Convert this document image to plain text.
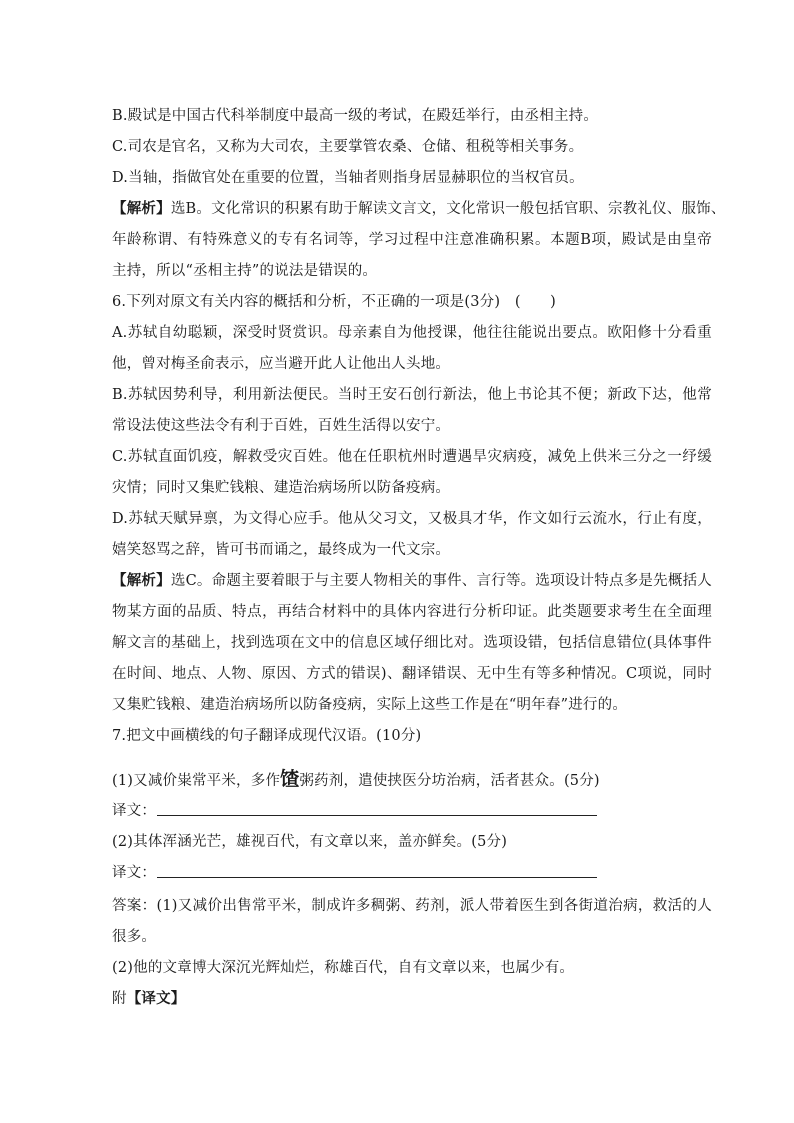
B.殿试是中国古代科举制度中最高一级的考试，在殿廷举行，由丞相主持。
C.司农是官名，又称为大司农，主要掌管农桑、仓储、租税等相关事务。
D.当轴，指做官处在重要的位置，当轴者则指身居显赫职位的当权官员。
【解析】选B。文化常识的积累有助于解读文言文，文化常识一般包括官职、宗教礼仪、服饰、
年龄称谓、有特殊意义的专有名词等，学习过程中注意准确积累。本题B项，殿试是由皇帝
主持，所以“丞相主持”的说法是错误的。
6.下列对原文有关内容的概括和分析，不正确的一项是(3分)　(　　)
A.苏轼自幼聪颖，深受时贤赏识。母亲素自为他授课，他往往能说出要点。欧阳修十分看重
他，曾对梅圣俞表示，应当避开此人让他出人头地。
B.苏轼因势利导，利用新法便民。当时王安石创行新法，他上书论其不便；新政下达，他常
常设法使这些法令有利于百姓，百姓生活得以安宁。
C.苏轼直面饥疫，解救受灾百姓。他在任职杭州时遭遇旱灾病疫，减免上供米三分之一纾缓
灾情；同时又集贮钱粮、建造治病场所以防备疫病。
D.苏轼天赋异禀，为文得心应手。他从父习文，又极具才华，作文如行云流水，行止有度，
嬉笑怒骂之辞，皆可书而诵之，最终成为一代文宗。
【解析】选C。命题主要着眼于与主要人物相关的事件、言行等。选项设计特点多是先概括人
物某方面的品质、特点，再结合材料中的具体内容进行分析印证。此类题要求考生在全面理
解文言的基础上，找到选项在文中的信息区域仔细比对。选项设错，包括信息错位(具体事件
在时间、地点、人物、原因、方式的错误)、翻译错误、无中生有等多种情况。C项说，同时
又集贮钱粮、建造治病场所以防备疫病，实际上这些工作是在“明年春”进行的。
7.把文中画横线的句子翻译成现代汉语。(10分)
(1)又减价粜常平米，多作馇粥药剂，遣使挟医分坊治病，活者甚众。(5分)
译文：
(2)其体浑涵光芒，雄视百代，有文章以来，盖亦鲜矣。(5分)
译文：
答案：(1)又减价出售常平米，制成许多稠粥、药剂，派人带着医生到各街道治病，救活的人
很多。
(2)他的文章博大深沉光辉灿烂，称雄百代，自有文章以来，也属少有。
附【译文】
